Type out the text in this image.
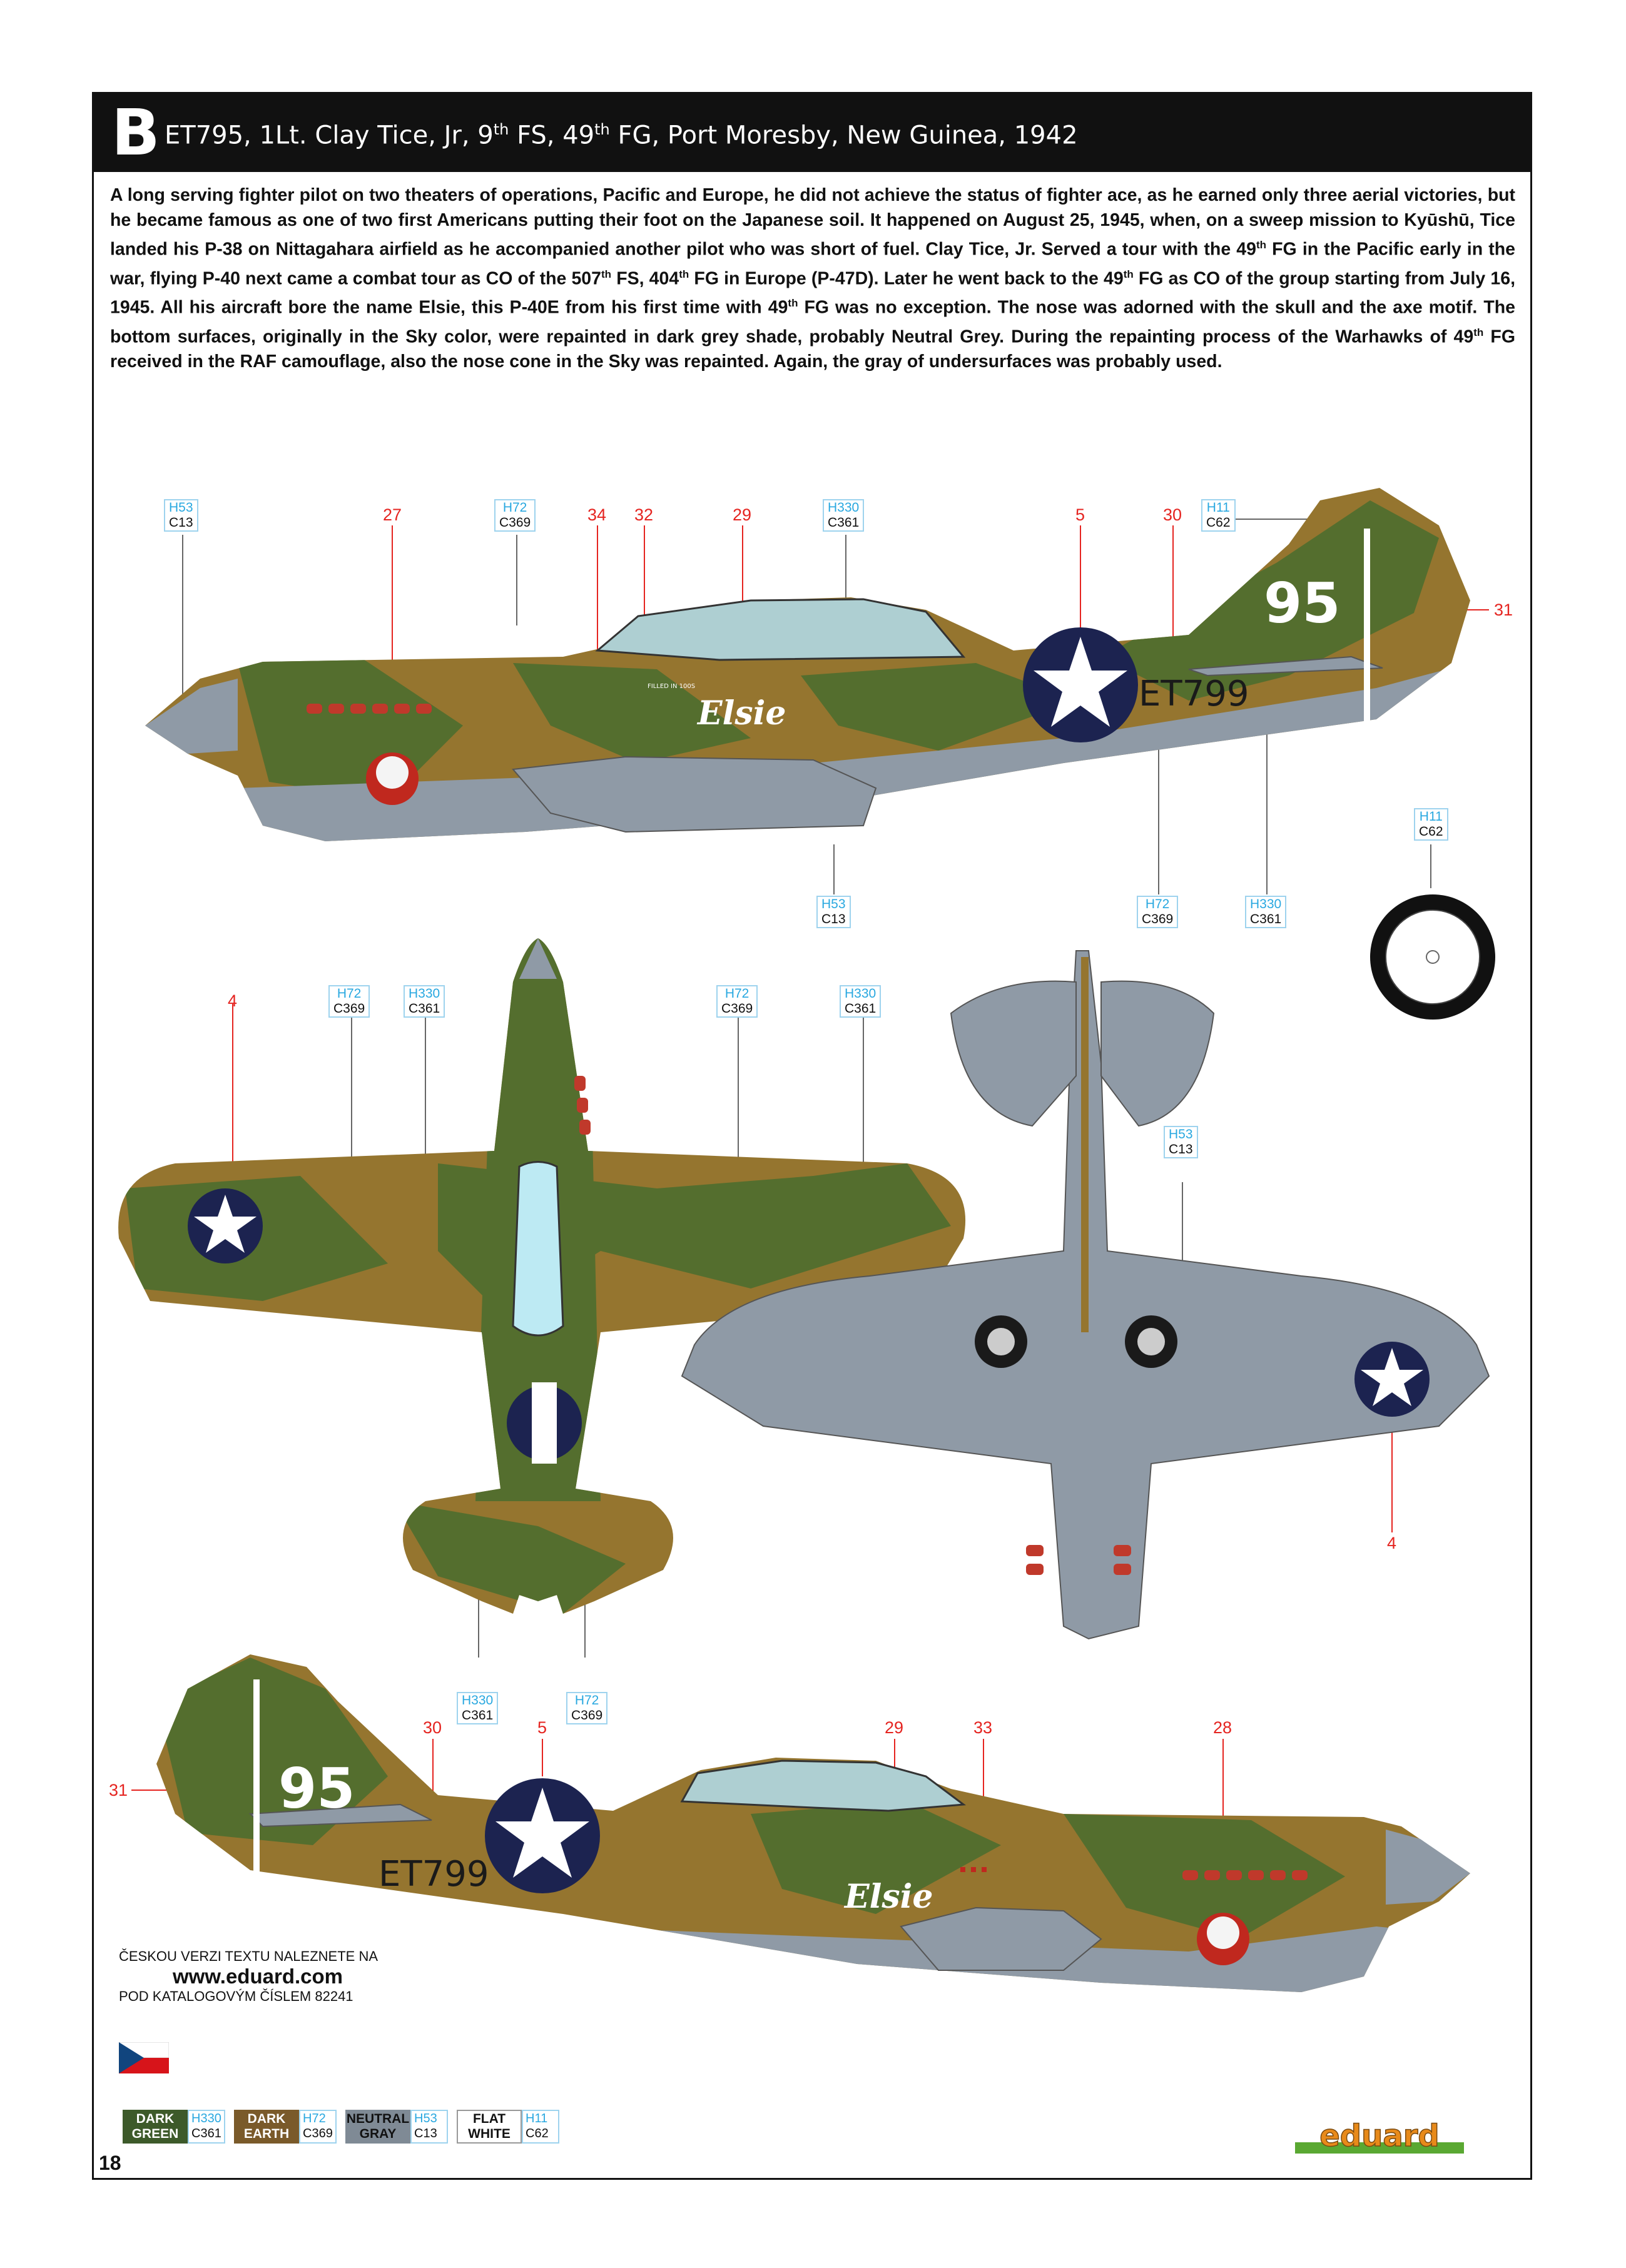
B ET795, 1Lt. Clay Tice, Jr, 9th FS, 49th FG, Port Moresby, New Guinea, 1942

A long serving fighter pilot on two theaters of operations, Pacific and Europe, he did not achieve the status of fighter ace, as he earned only three aerial victories, but he became famous as one of two first Americans putting their foot on the Japanese soil. It happened on August 25, 1945, when, on a sweep mission to Kyūshū, Tice landed his P-38 on Nittagahara airfield as he accompanied another pilot who was short of fuel. Clay Tice, Jr. Served a tour with the 49th FG in the Pacific early in the war, flying P-40 next came a combat tour as CO of the 507th FS, 404th FG in Europe (P-47D). Later he went back to the 49th FG as CO of the group starting from July 16, 1945. All his aircraft bore the name Elsie, this P-40E from his first time with 49th FG was no exception. The nose was adorned with the skull and the axe motif. The bottom surfaces, originally in the Sky color, were repainted in dark grey shade, probably Neutral Grey. During the repainting process of the Warhawks of 49th FG received in the RAF camouflage, also the nose cone in the Sky was repainted. Again, the gray of undersurfaces was probably used.

95
ET799
Elsie
FILLED IN 100S
95
ET799
Elsie
H53
C13
H72
C369
H330
C361
H11
C62
H53
C13
H72
C369
H330
C361
H11
C62
H72
C369
H330
C361
H72
C369
H330
C361
H53
C13
H330
C361
H72
C369
27	34 32	29	5	30
31
4
4
30	5	29	33	28
31
ČESKOU VERZI TEXTU NALEZNETE NA
www.eduard.com
POD KATALOGOVÝM ČÍSLEM 82241
DARK
GREEN
H330
C361
DARK
EARTH
H72
C369
NEUTRAL
GRAY
H53
C13
FLAT
WHITE
H11
C62
18
eduard
